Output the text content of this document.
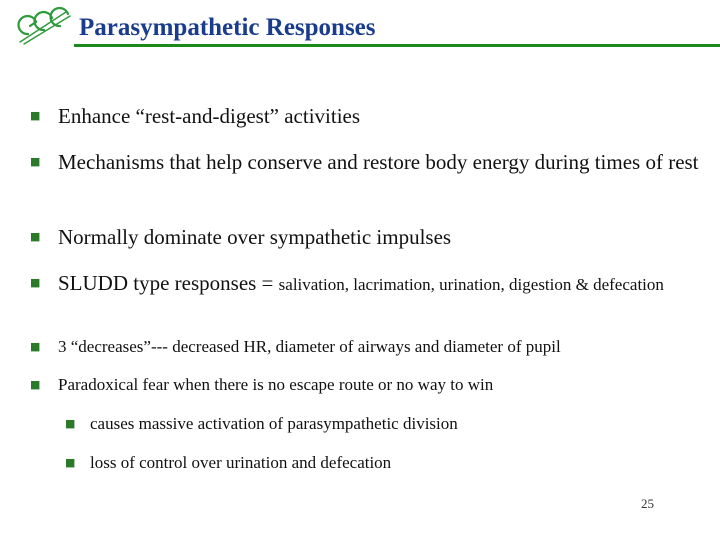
GCC
Parasympathetic Responses
■ Enhance “rest-and-digest” activities
■ Mechanisms that help conserve and restore body energy during times of rest
■ Normally dominate over sympathetic impulses
■ SLUDD type responses = salivation, lacrimation, urination, digestion & defecation
■	3 “decreases”--- decreased HR, diameter of airways and diameter of pupil
■	Paradoxical fear when there is no escape route or no way to win
■ causes massive activation of parasympathetic division
■ loss of control over urination and defecation
25
